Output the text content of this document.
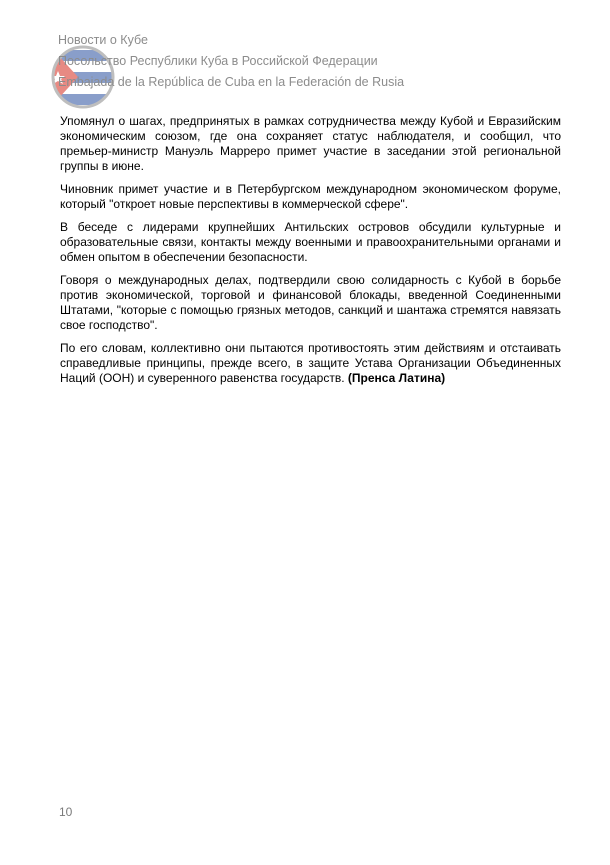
Новости о Кубе
Посольство Республики Куба в Российской Федерации
Embajada de la República de Cuba en la Federación de Rusia

Упомянул о шагах, предпринятых в рамках сотрудничества между Кубой и Евразийским экономическим союзом, где она сохраняет статус наблюдателя, и сообщил, что премьер-министр Мануэль Марреро примет участие в заседании этой региональной группы в июне.

Чиновник примет участие и в Петербургском международном экономическом форуме, который "откроет новые перспективы в коммерческой сфере".

В беседе с лидерами крупнейших Антильских островов обсудили культурные и образовательные связи, контакты между военными и правоохранительными органами и обмен опытом в обеспечении безопасности.

Говоря о международных делах, подтвердили свою солидарность с Кубой в борьбе против экономической, торговой и финансовой блокады, введенной Соединенными Штатами, "которые с помощью грязных методов, санкций и шантажа стремятся навязать свое господство".

По его словам, коллективно они пытаются противостоять этим действиям и отстаивать справедливые принципы, прежде всего, в защите Устава Организации Объединенных Наций (ООН) и суверенного равенства государств. (Пренса Латина)

10
